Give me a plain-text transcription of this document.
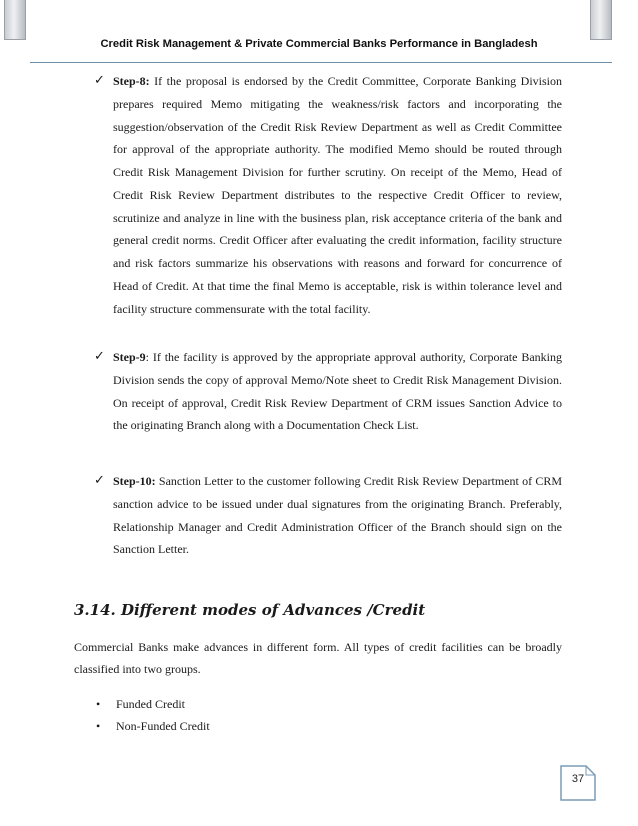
Credit Risk Management & Private Commercial Banks Performance in Bangladesh
✓ Step-8: If the proposal is endorsed by the Credit Committee, Corporate Banking Division prepares required Memo mitigating the weakness/risk factors and incorporating the suggestion/observation of the Credit Risk Review Department as well as Credit Committee for approval of the appropriate authority. The modified Memo should be routed through Credit Risk Management Division for further scrutiny. On receipt of the Memo, Head of Credit Risk Review Department distributes to the respective Credit Officer to review, scrutinize and analyze in line with the business plan, risk acceptance criteria of the bank and general credit norms. Credit Officer after evaluating the credit information, facility structure and risk factors summarize his observations with reasons and forward for concurrence of Head of Credit. At that time the final Memo is acceptable, risk is within tolerance level and facility structure commensurate with the total facility.
✓ Step-9: If the facility is approved by the appropriate approval authority, Corporate Banking Division sends the copy of approval Memo/Note sheet to Credit Risk Management Division. On receipt of approval, Credit Risk Review Department of CRM issues Sanction Advice to the originating Branch along with a Documentation Check List.
✓ Step-10: Sanction Letter to the customer following Credit Risk Review Department of CRM sanction advice to be issued under dual signatures from the originating Branch. Preferably, Relationship Manager and Credit Administration Officer of the Branch should sign on the Sanction Letter.
3.14. Different modes of Advances /Credit
Commercial Banks make advances in different form. All types of credit facilities can be broadly classified into two groups.
• Funded Credit
• Non-Funded Credit
37
